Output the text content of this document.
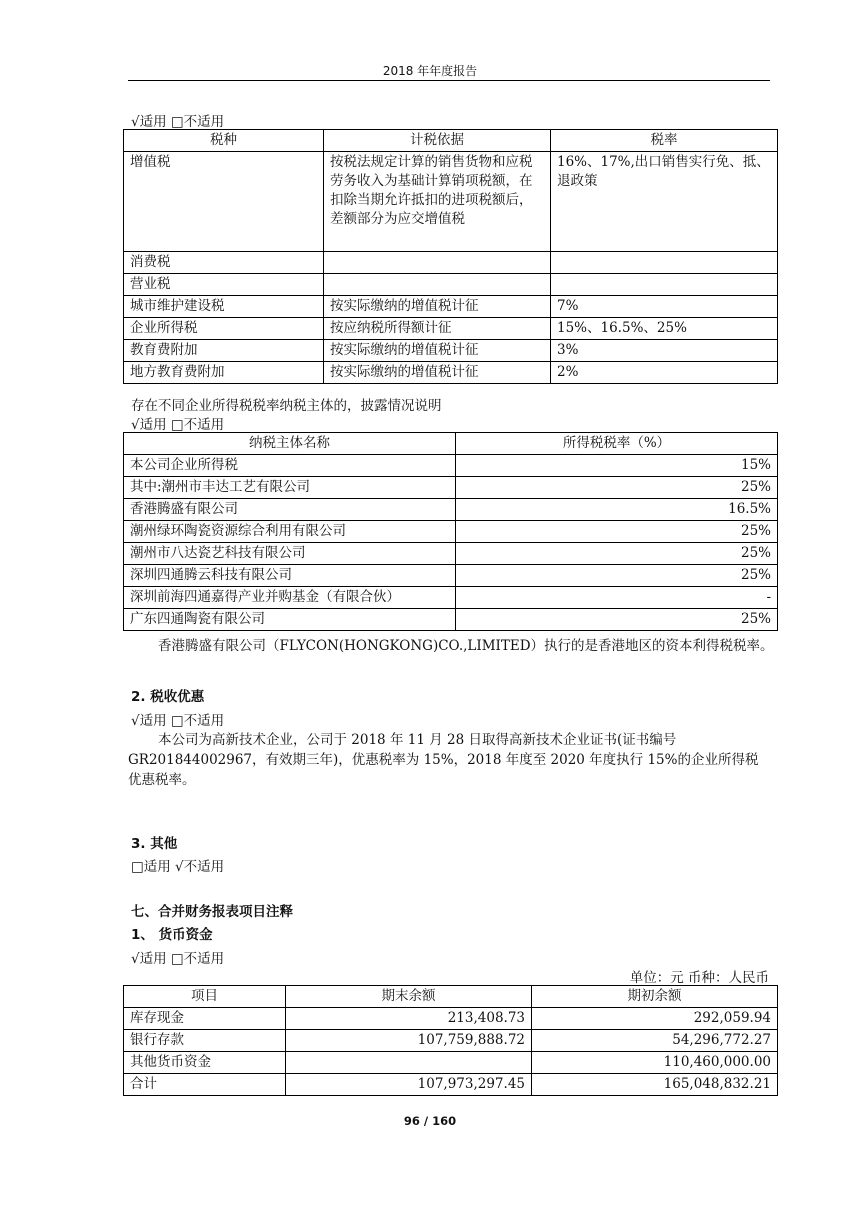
2018 年年度报告
√适用 □不适用
税种	计税依据	税率
增值税	按税法规定计算的销售货物和应税劳务收入为基础计算销项税额，在扣除当期允许抵扣的进项税额后，差额部分为应交增值税	16%、17%,出口销售实行免、抵、退政策
消费税		
营业税		
城市维护建设税	按实际缴纳的增值税计征	7%
企业所得税	按应纳税所得额计征	15%、16.5%、25%
教育费附加	按实际缴纳的增值税计征	3%
地方教育费附加	按实际缴纳的增值税计征	2%
存在不同企业所得税税率纳税主体的，披露情况说明
√适用 □不适用
纳税主体名称	所得税税率（%）
本公司企业所得税	15%
其中:潮州市丰达工艺有限公司	25%
香港腾盛有限公司	16.5%
潮州绿环陶瓷资源综合利用有限公司	25%
潮州市八达瓷艺科技有限公司	25%
深圳四通腾云科技有限公司	25%
深圳前海四通嘉得产业并购基金（有限合伙）	-
广东四通陶瓷有限公司	25%
香港腾盛有限公司（FLYCON(HONGKONG)CO.,LIMITED）执行的是香港地区的资本利得税税率。
2. 税收优惠
√适用 □不适用
本公司为高新技术企业，公司于 2018 年 11 月 28 日取得高新技术企业证书(证书编号
GR201844002967，有效期三年)，优惠税率为 15%，2018 年度至 2020 年度执行 15%的企业所得税
优惠税率。
3. 其他
□适用 √不适用
七、合并财务报表项目注释
1、 货币资金
√适用 □不适用
单位：元 币种：人民币
项目	期末余额	期初余额
库存现金	213,408.73	292,059.94
银行存款	107,759,888.72	54,296,772.27
其他货币资金		110,460,000.00
合计	107,973,297.45	165,048,832.21
96 / 160
